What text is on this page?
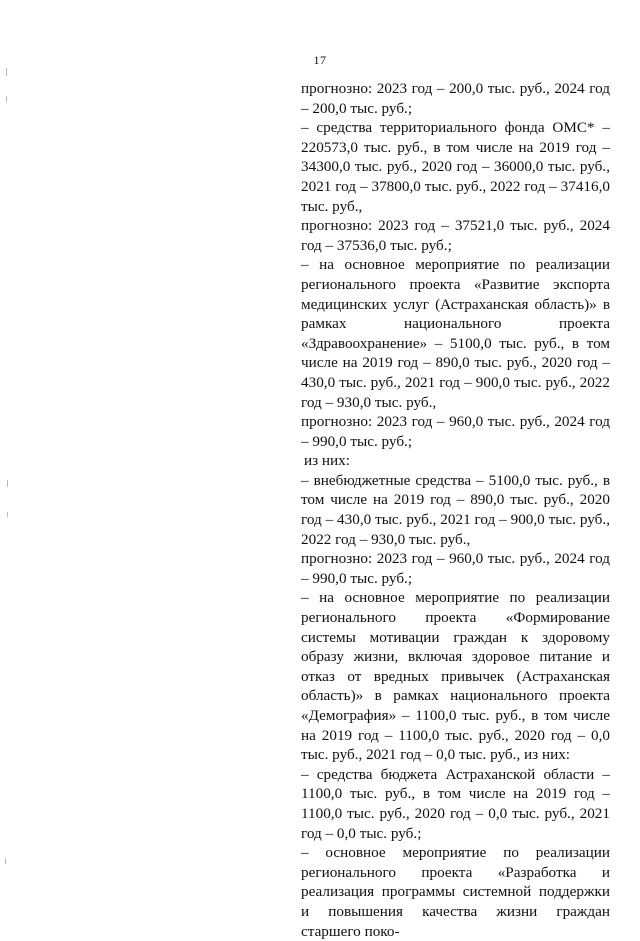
17

прогнозно: 2023 год – 200,0 тыс. руб., 2024 год – 200,0 тыс. руб.;

– средства территориального фонда ОМС* – 220573,0 тыс. руб., в том числе на 2019 год – 34300,0 тыс. руб., 2020 год – 36000,0 тыс. руб., 2021 год – 37800,0 тыс. руб., 2022 год – 37416,0 тыс. руб.,

прогнозно: 2023 год – 37521,0 тыс. руб., 2024 год – 37536,0 тыс. руб.;

– на основное мероприятие по реализации регионального проекта «Развитие экспорта медицинских услуг (Астраханская область)» в рамках национального проекта «Здравоохранение» – 5100,0 тыс. руб., в том числе на 2019 год – 890,0 тыс. руб., 2020 год – 430,0 тыс. руб., 2021 год – 900,0 тыс. руб., 2022 год – 930,0 тыс. руб.,

прогнозно: 2023 год – 960,0 тыс. руб., 2024 год – 990,0 тыс. руб.;

из них:

– внебюджетные средства – 5100,0 тыс. руб., в том числе на 2019 год – 890,0 тыс. руб., 2020 год – 430,0 тыс. руб., 2021 год – 900,0 тыс. руб., 2022 год – 930,0 тыс. руб.,

прогнозно: 2023 год – 960,0 тыс. руб., 2024 год – 990,0 тыс. руб.;

– на основное мероприятие по реализации регионального проекта «Формирование системы мотивации граждан к здоровому образу жизни, включая здоровое питание и отказ от вредных привычек (Астраханская область)» в рамках национального проекта «Демография» – 1100,0 тыс. руб., в том числе на 2019 год – 1100,0 тыс. руб., 2020 год – 0,0 тыс. руб., 2021 год – 0,0 тыс. руб., из них:

– средства бюджета Астраханской области – 1100,0 тыс. руб., в том числе на 2019 год – 1100,0 тыс. руб., 2020 год – 0,0 тыс. руб., 2021 год – 0,0 тыс. руб.;

– основное мероприятие по реализации регионального проекта «Разработка и реализация программы системной поддержки и повышения качества жизни граждан старшего поко-
